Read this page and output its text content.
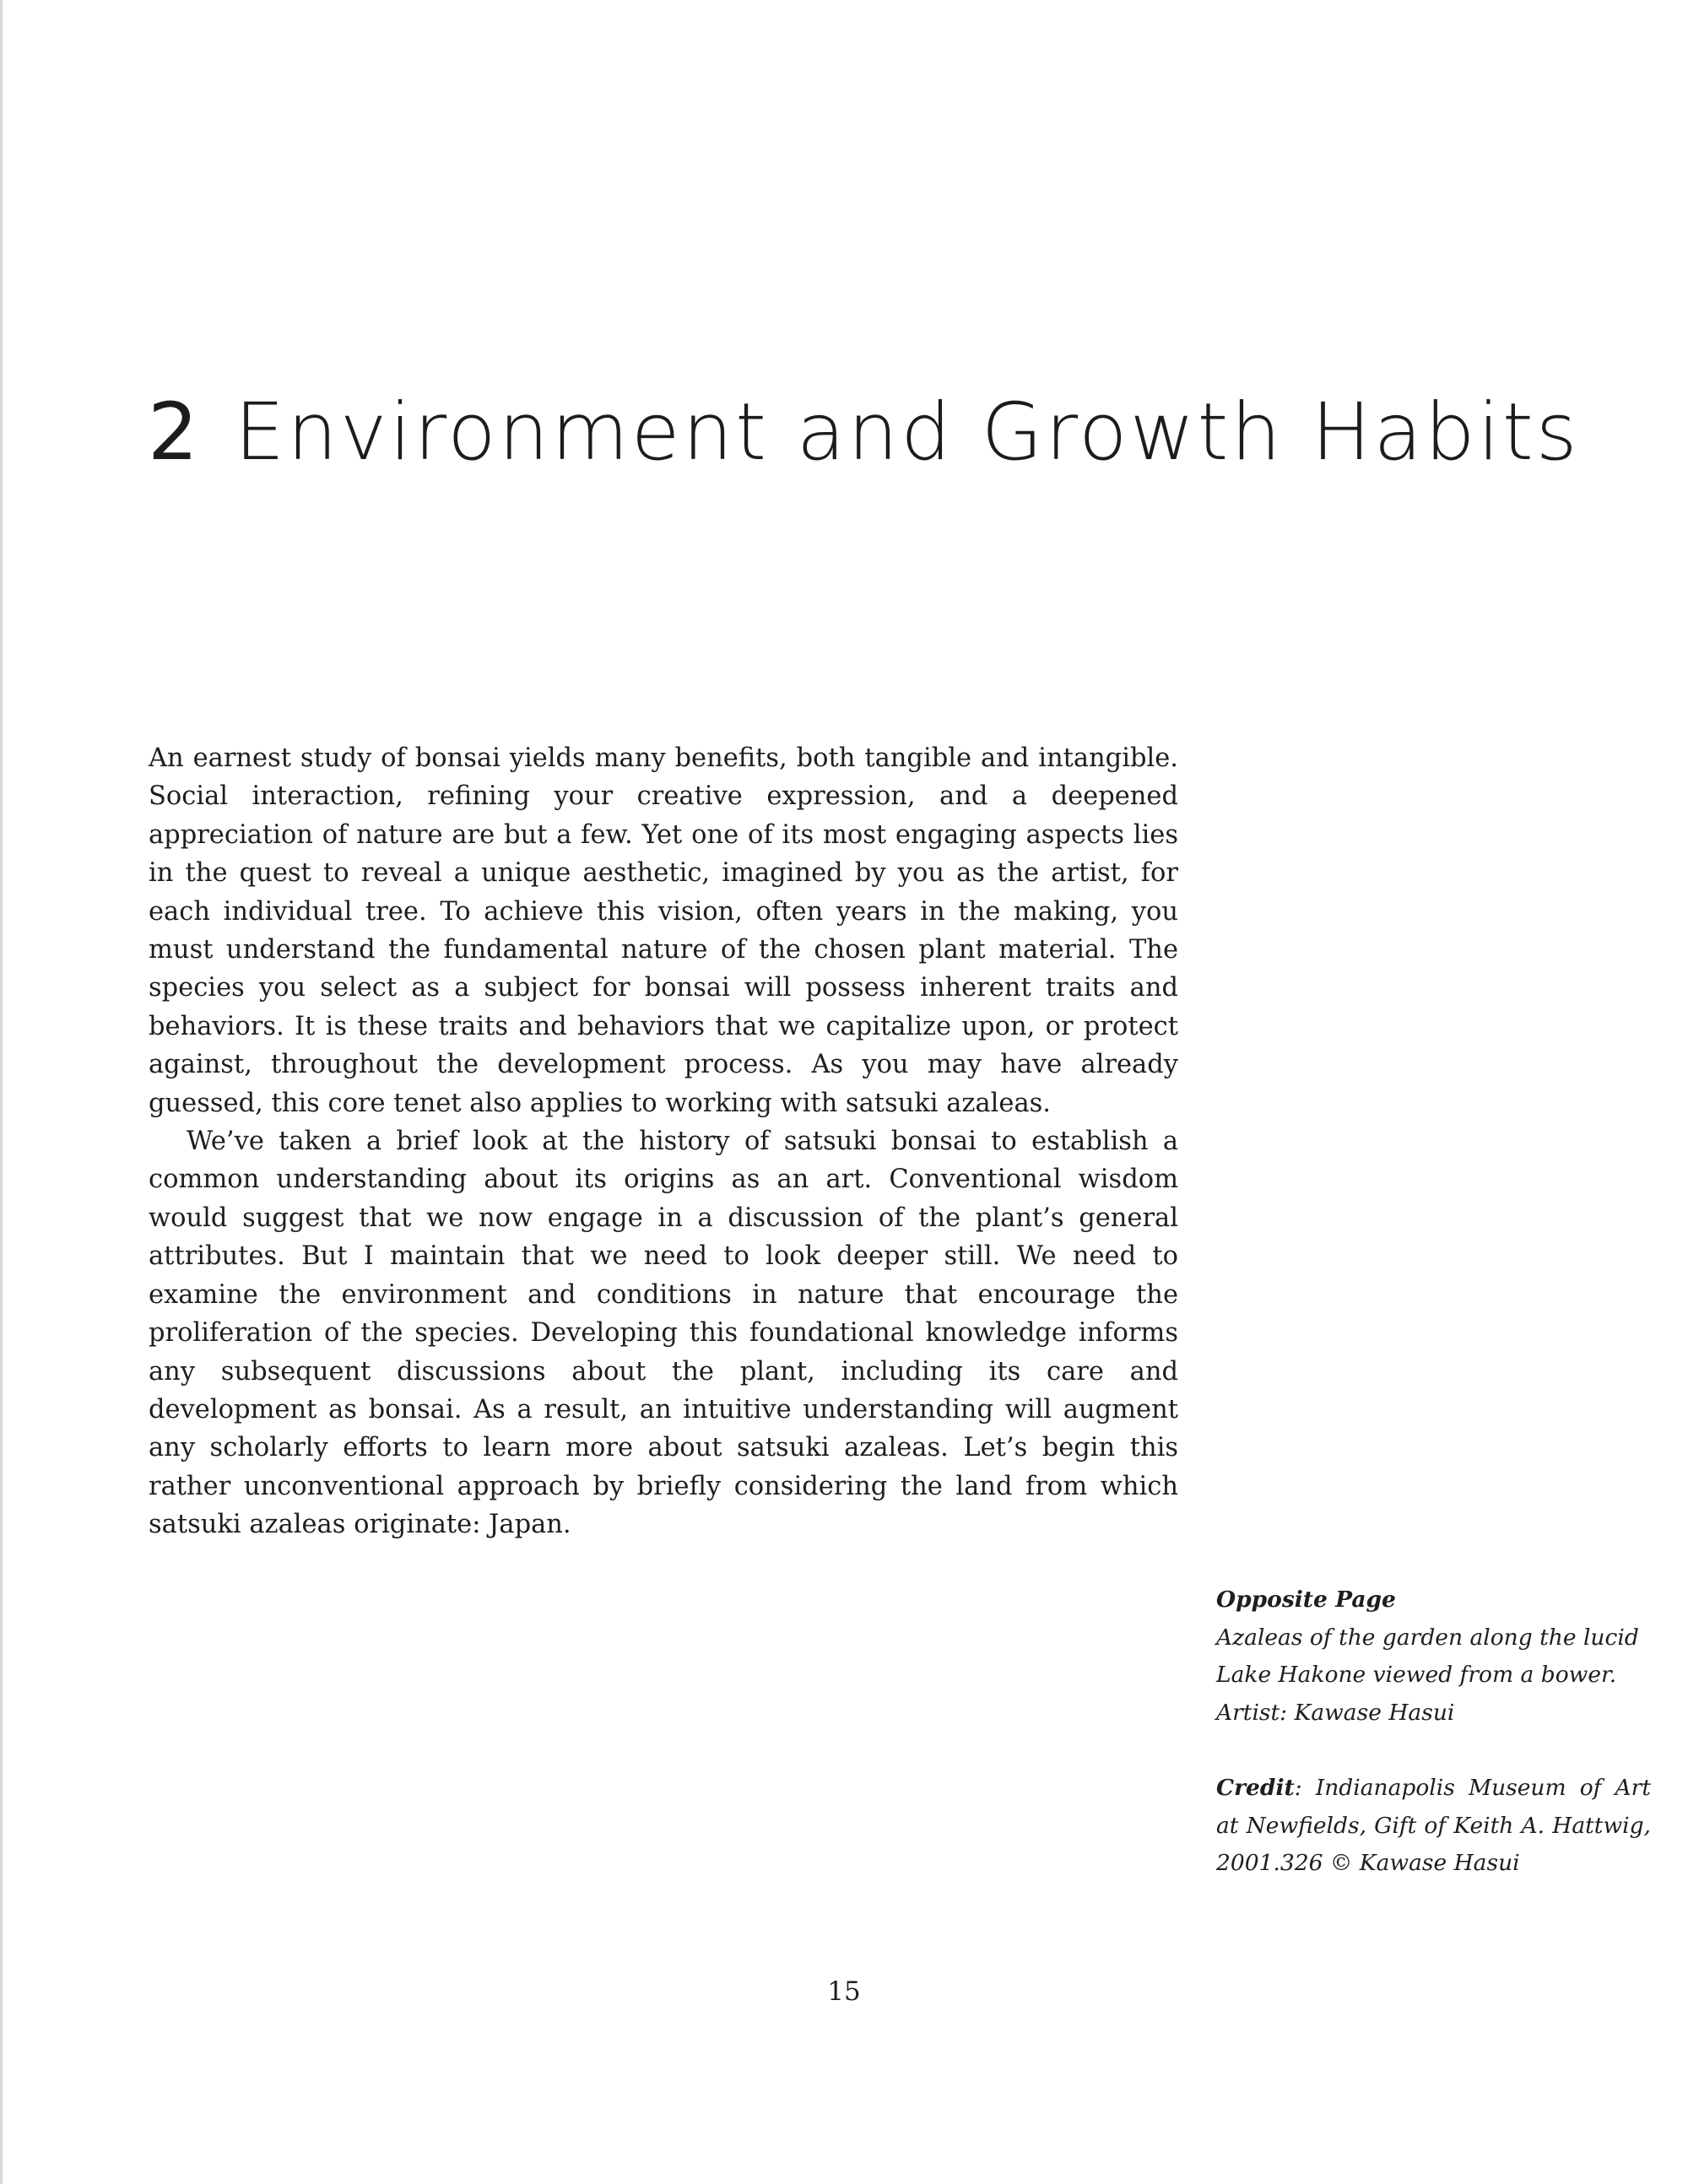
2 Environment and Growth Habits

An earnest study of bonsai yields many benefits, both tangible and intangible. Social interaction, refining your creative expression, and a deepened appreciation of nature are but a few. Yet one of its most engaging aspects lies in the quest to reveal a unique aesthetic, imagined by you as the artist, for each individual tree. To achieve this vision, often years in the making, you must understand the fundamental nature of the chosen plant material. The species you select as a subject for bonsai will possess inherent traits and behaviors. It is these traits and behaviors that we capitalize upon, or protect against, throughout the development process. As you may have already guessed, this core tenet also applies to working with satsuki azaleas.

We’ve taken a brief look at the history of satsuki bonsai to establish a common understanding about its origins as an art. Conventional wisdom would suggest that we now engage in a discussion of the plant’s general attributes. But I maintain that we need to look deeper still. We need to examine the environment and conditions in nature that encourage the proliferation of the species. Developing this foundational knowledge informs any subsequent discussions about the plant, including its care and development as bonsai. As a result, an intuitive understanding will augment any scholarly efforts to learn more about satsuki azaleas. Let’s begin this rather unconventional approach by briefly considering the land from which satsuki azaleas originate: Japan.

Opposite Page
Azaleas of the garden along the lucid Lake Hakone viewed from a bower.
Artist: Kawase Hasui
Credit: Indianapolis Museum of Art at Newfields, Gift of Keith A. Hattwig, 2001.326 © Kawase Hasui
15
